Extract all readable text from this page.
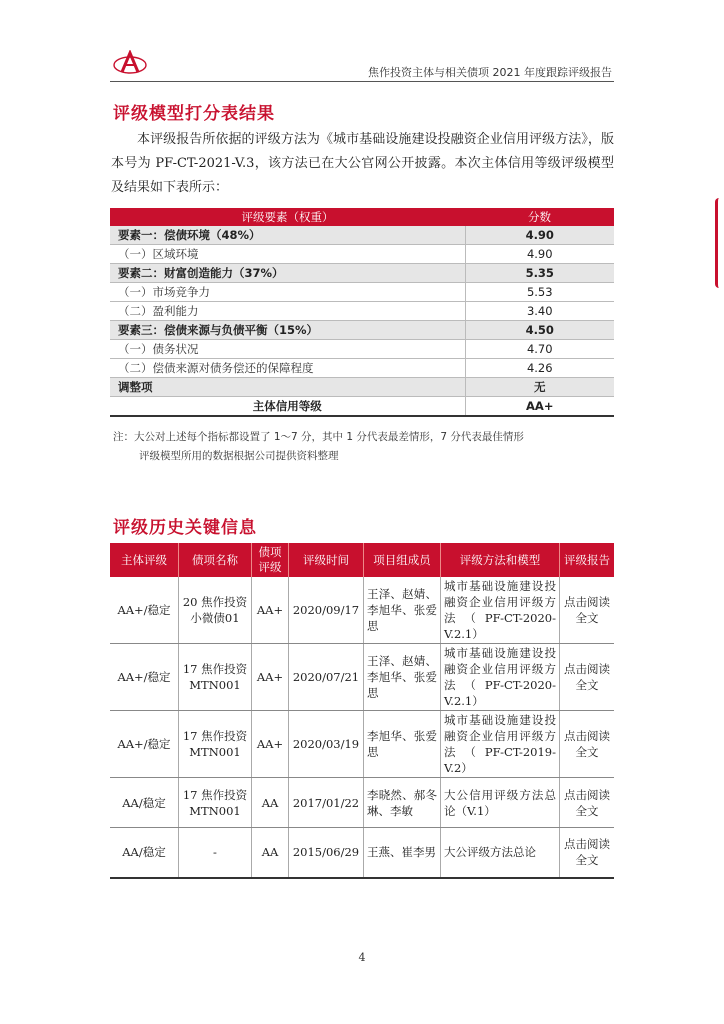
焦作投资主体与相关债项 2021 年度跟踪评级报告
评级模型打分表结果

本评级报告所依据的评级方法为《城市基础设施建设投融资企业信用评级方法》，版本号为 PF-CT-2021-V.3，该方法已在大公官网公开披露。本次主体信用等级评级模型及结果如下表所示：

评级要素（权重）	分数
要素一：偿债环境（48%）	4.90
（一）区域环境	4.90
要素二：财富创造能力（37%）	5.35
（一）市场竞争力	5.53
（二）盈利能力	3.40
要素三：偿债来源与负债平衡（15%）	4.50
（一）债务状况	4.70
（二）偿债来源对债务偿还的保障程度	4.26
调整项	无
主体信用等级	AA+
注：大公对上述每个指标都设置了 1～7 分，其中 1 分代表最差情形，7 分代表最佳情形
评级模型所用的数据根据公司提供资料整理
评级历史关键信息
主体评级	债项名称	债项评级	评级时间	项目组成员	评级方法和模型	评级报告
AA+/稳定	20 焦作投资小微债01	AA+	2020/09/17	王泽、赵婧、李旭华、张爱思	城市基础设施建设投融资企业信用评级方法（PF-CT-2020-V.2.1）	点击阅读全文
AA+/稳定	17 焦作投资 MTN001	AA+	2020/07/21	王泽、赵婧、李旭华、张爱思	城市基础设施建设投融资企业信用评级方法（PF-CT-2020-V.2.1）	点击阅读全文
AA+/稳定	17 焦作投资 MTN001	AA+	2020/03/19	李旭华、张爱思	城市基础设施建设投融资企业信用评级方法（PF-CT-2019-V.2）	点击阅读全文
AA/稳定	17 焦作投资 MTN001	AA	2017/01/22	李晓然、郝冬琳、李敏	大公信用评级方法总论（V.1）	点击阅读全文
AA/稳定	-	AA	2015/06/29	王燕、崔李男	大公评级方法总论	点击阅读全文
4
